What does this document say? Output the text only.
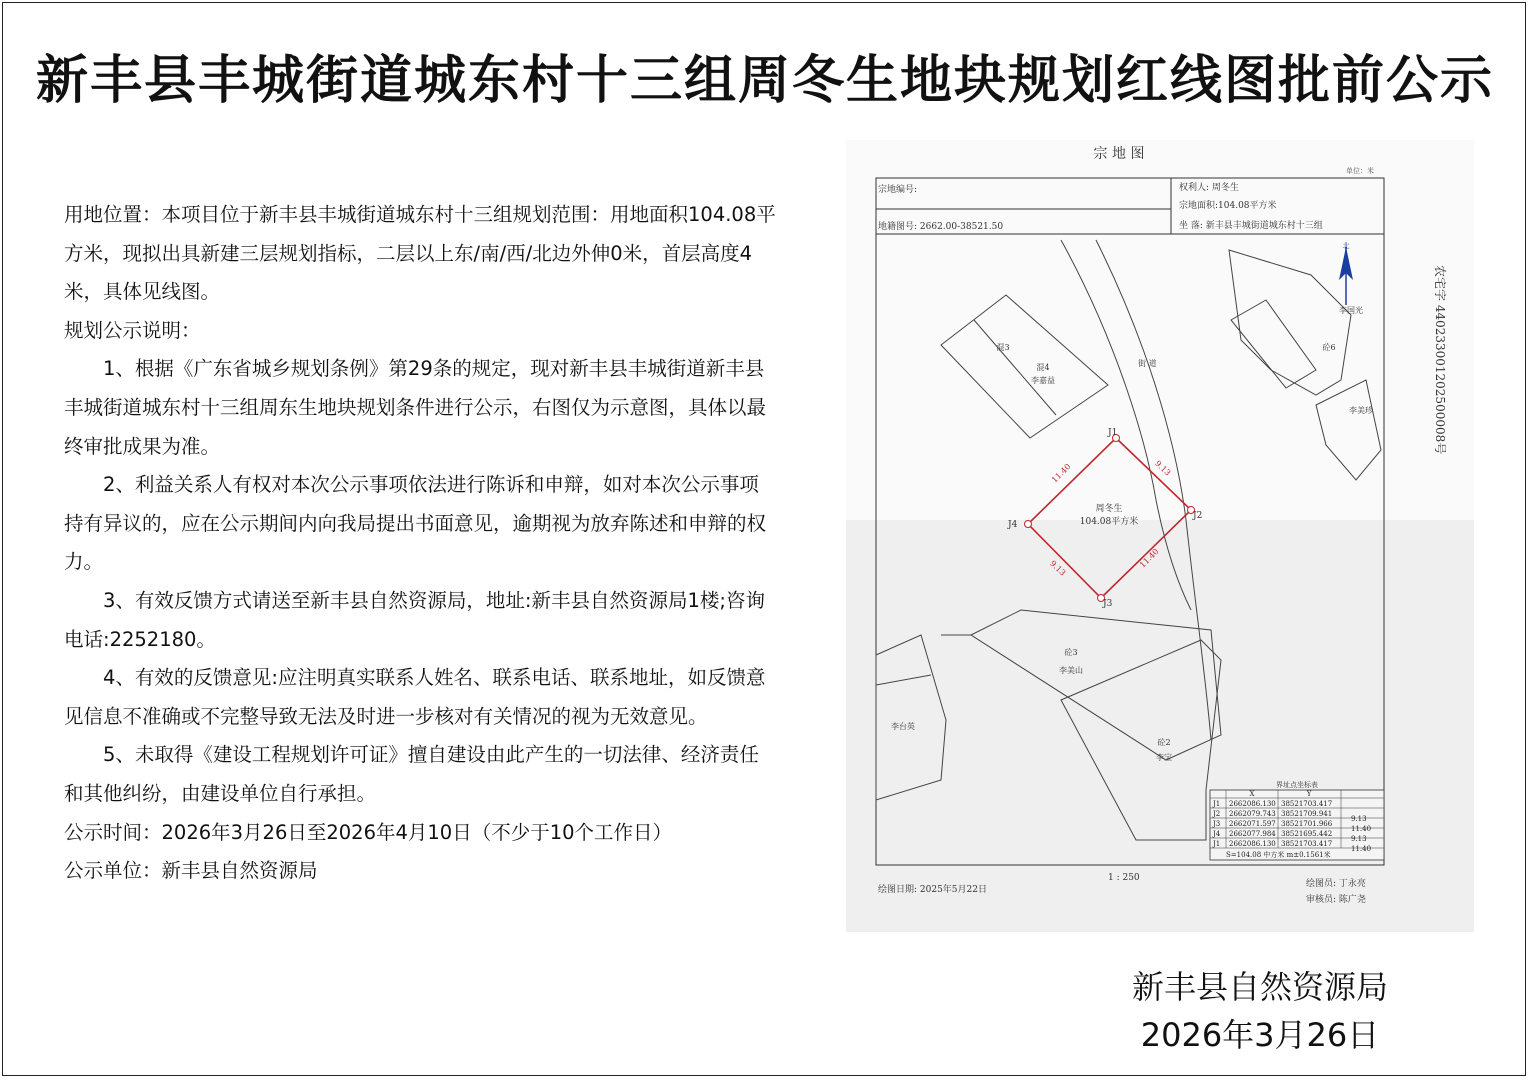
新丰县丰城街道城东村十三组周冬生地块规划红线图批前公示

用地位置：本项目位于新丰县丰城街道城东村十三组规划范围：用地面积104.08平方米，现拟出具新建三层规划指标，二层以上东/南/西/北边外伸0米，首层高度4米，具体见线图。

规划公示说明：

1、根据《广东省城乡规划条例》第29条的规定，现对新丰县丰城街道新丰县丰城街道城东村十三组周东生地块规划条件进行公示，右图仅为示意图，具体以最终审批成果为准。

2、利益关系人有权对本次公示事项依法进行陈诉和申辩，如对本次公示事项持有异议的，应在公示期间内向我局提出书面意见，逾期视为放弃陈述和申辩的权力。

3、有效反馈方式请送至新丰县自然资源局，地址:新丰县自然资源局1楼;咨询电话:2252180。

4、有效的反馈意见:应注明真实联系人姓名、联系电话、联系地址，如反馈意见信息不准确或不完整导致无法及时进一步核对有关情况的视为无效意见。

5、未取得《建设工程规划许可证》擅自建设由此产生的一切法律、经济责任和其他纠纷，由建设单位自行承担。

公示时间：2026年3月26日至2026年4月10日（不少于10个工作日）

公示单位：新丰县自然资源局

宗 地 图
单位：米
宗地编号:
地籍图号: 2662.00-38521.50
权利人: 周冬生
宗地面积:104.08平方米
坐 落: 新丰县丰城街道城东村十三组
农宅字 440233001202500008号
街 道
混3
混4
李嘉益
砼6
李国光
李美珍
砼3
李美山
砼2
李宝
李台英
北
J1
J2
J3
J4
11.40	9.13
11.40
9.13
周冬生
104.08平方米
界址点坐标表
X	Y
J1 2662086.130 38521703.417
J2 2662079.743 38521709.941
9.13
J3 2662071.597 38521701.966
11.40
J4 2662077.984 38521695.442
9.13
J1 2662086.130 38521703.417
11.40
S=104.08 中方米 m±0.1561米
绘图日期: 2025年5月22日
1 : 250
绘图员: 丁永亮
审核员: 陈广尧
新丰县自然资源局
2026年3月26日
